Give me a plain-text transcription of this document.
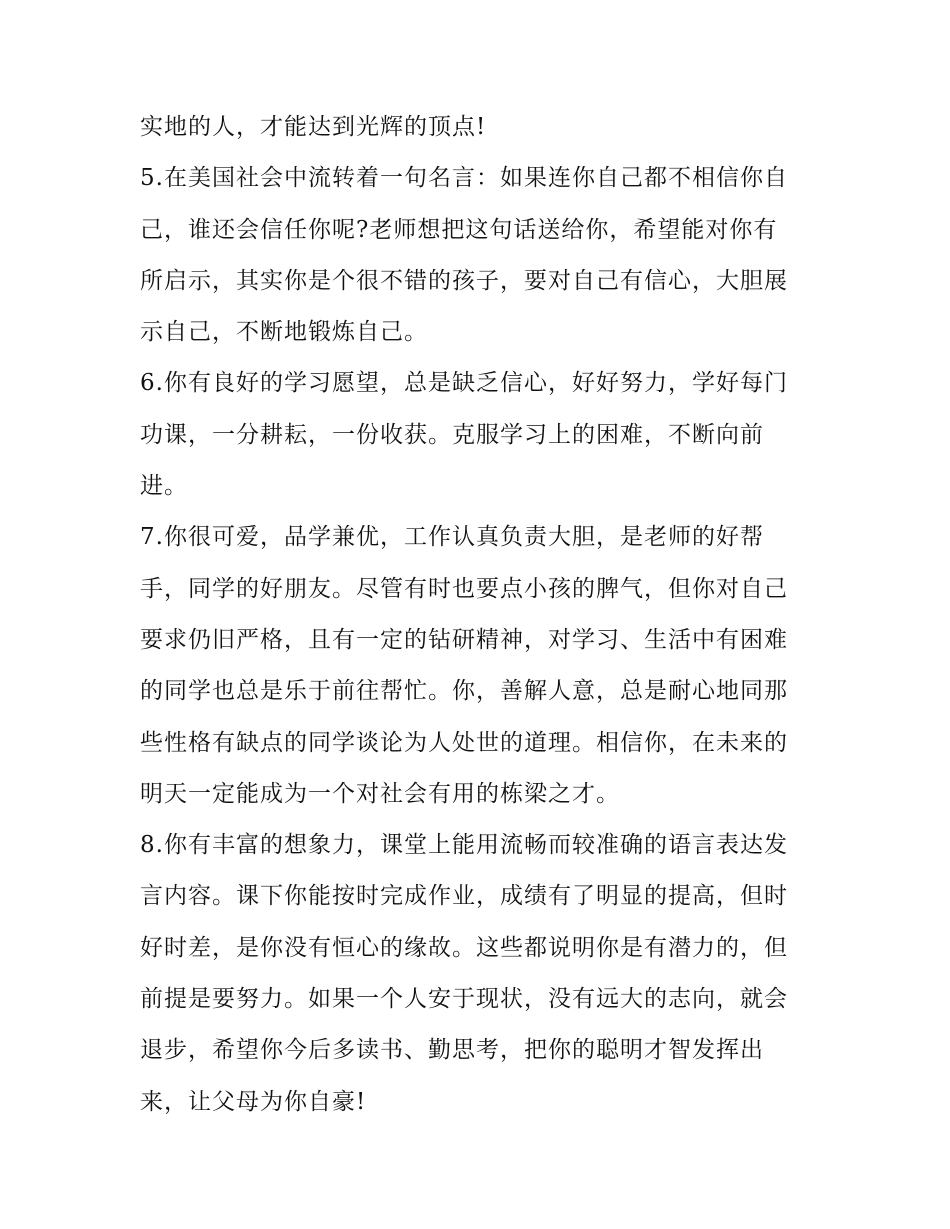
实地的人，才能达到光辉的顶点!
5.在美国社会中流转着一句名言：如果连你自己都不相信你自
己，谁还会信任你呢?老师想把这句话送给你，希望能对你有
所启示，其实你是个很不错的孩子，要对自己有信心，大胆展
示自己，不断地锻炼自己。
6.你有良好的学习愿望，总是缺乏信心，好好努力，学好每门
功课，一分耕耘，一份收获。克服学习上的困难，不断向前
进。
7.你很可爱，品学兼优，工作认真负责大胆，是老师的好帮
手，同学的好朋友。尽管有时也要点小孩的脾气，但你对自己
要求仍旧严格，且有一定的钻研精神，对学习、生活中有困难
的同学也总是乐于前往帮忙。你，善解人意，总是耐心地同那
些性格有缺点的同学谈论为人处世的道理。相信你，在未来的
明天一定能成为一个对社会有用的栋梁之才。
8.你有丰富的想象力，课堂上能用流畅而较准确的语言表达发
言内容。课下你能按时完成作业，成绩有了明显的提高，但时
好时差，是你没有恒心的缘故。这些都说明你是有潜力的，但
前提是要努力。如果一个人安于现状，没有远大的志向，就会
退步，希望你今后多读书、勤思考，把你的聪明才智发挥出
来，让父母为你自豪!
